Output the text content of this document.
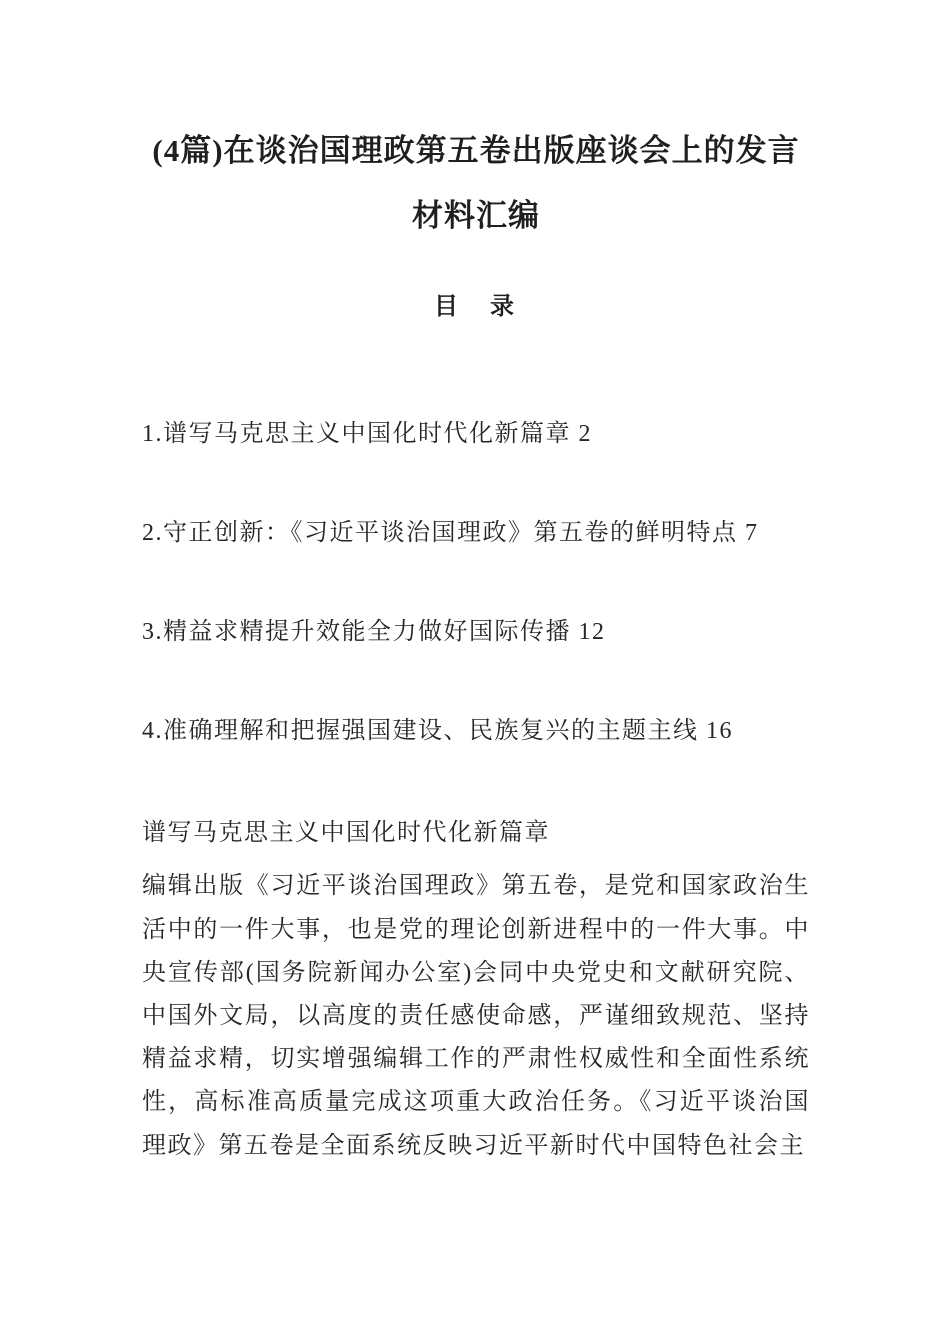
(4篇)在谈治国理政第五卷出版座谈会上的发言材料汇编
目　录

1.谱写马克思主义中国化时代化新篇章 2

2.守正创新：《习近平谈治国理政》第五卷的鲜明特点 7

3.精益求精提升效能全力做好国际传播 12

4.准确理解和把握强国建设、民族复兴的主题主线 16

谱写马克思主义中国化时代化新篇章

编辑出版《习近平谈治国理政》第五卷，是党和国家政治生活中的一件大事，也是党的理论创新进程中的一件大事。中央宣传部(国务院新闻办公室)会同中央党史和文献研究院、中国外文局，以高度的责任感使命感，严谨细致规范、坚持精益求精，切实增强编辑工作的严肃性权威性和全面性系统性，高标准高质量完成这项重大政治任务。《习近平谈治国理政》第五卷是全面系统反映习近平新时代中国特色社会主
